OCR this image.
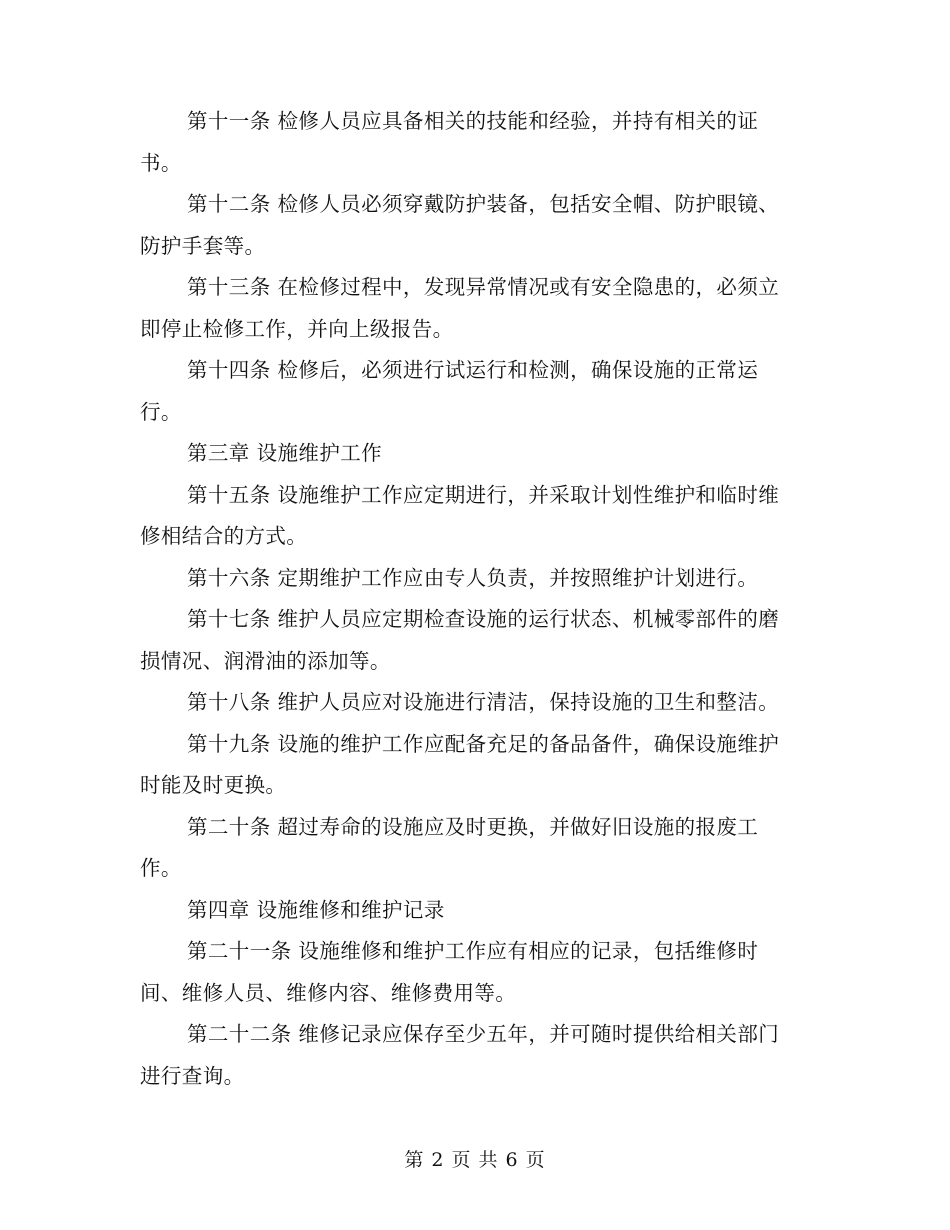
第十一条 检修人员应具备相关的技能和经验，并持有相关的证
书。

第十二条 检修人员必须穿戴防护装备，包括安全帽、防护眼镜、
防护手套等。

第十三条 在检修过程中，发现异常情况或有安全隐患的，必须立
即停止检修工作，并向上级报告。

第十四条 检修后，必须进行试运行和检测，确保设施的正常运
行。

第三章 设施维护工作

第十五条 设施维护工作应定期进行，并采取计划性维护和临时维
修相结合的方式。

第十六条 定期维护工作应由专人负责，并按照维护计划进行。

第十七条 维护人员应定期检查设施的运行状态、机械零部件的磨
损情况、润滑油的添加等。

第十八条 维护人员应对设施进行清洁，保持设施的卫生和整洁。

第十九条 设施的维护工作应配备充足的备品备件，确保设施维护
时能及时更换。

第二十条 超过寿命的设施应及时更换，并做好旧设施的报废工
作。

第四章 设施维修和维护记录

第二十一条 设施维修和维护工作应有相应的记录，包括维修时
间、维修人员、维修内容、维修费用等。

第二十二条 维修记录应保存至少五年，并可随时提供给相关部门
进行查询。

第 2 页 共 6 页
